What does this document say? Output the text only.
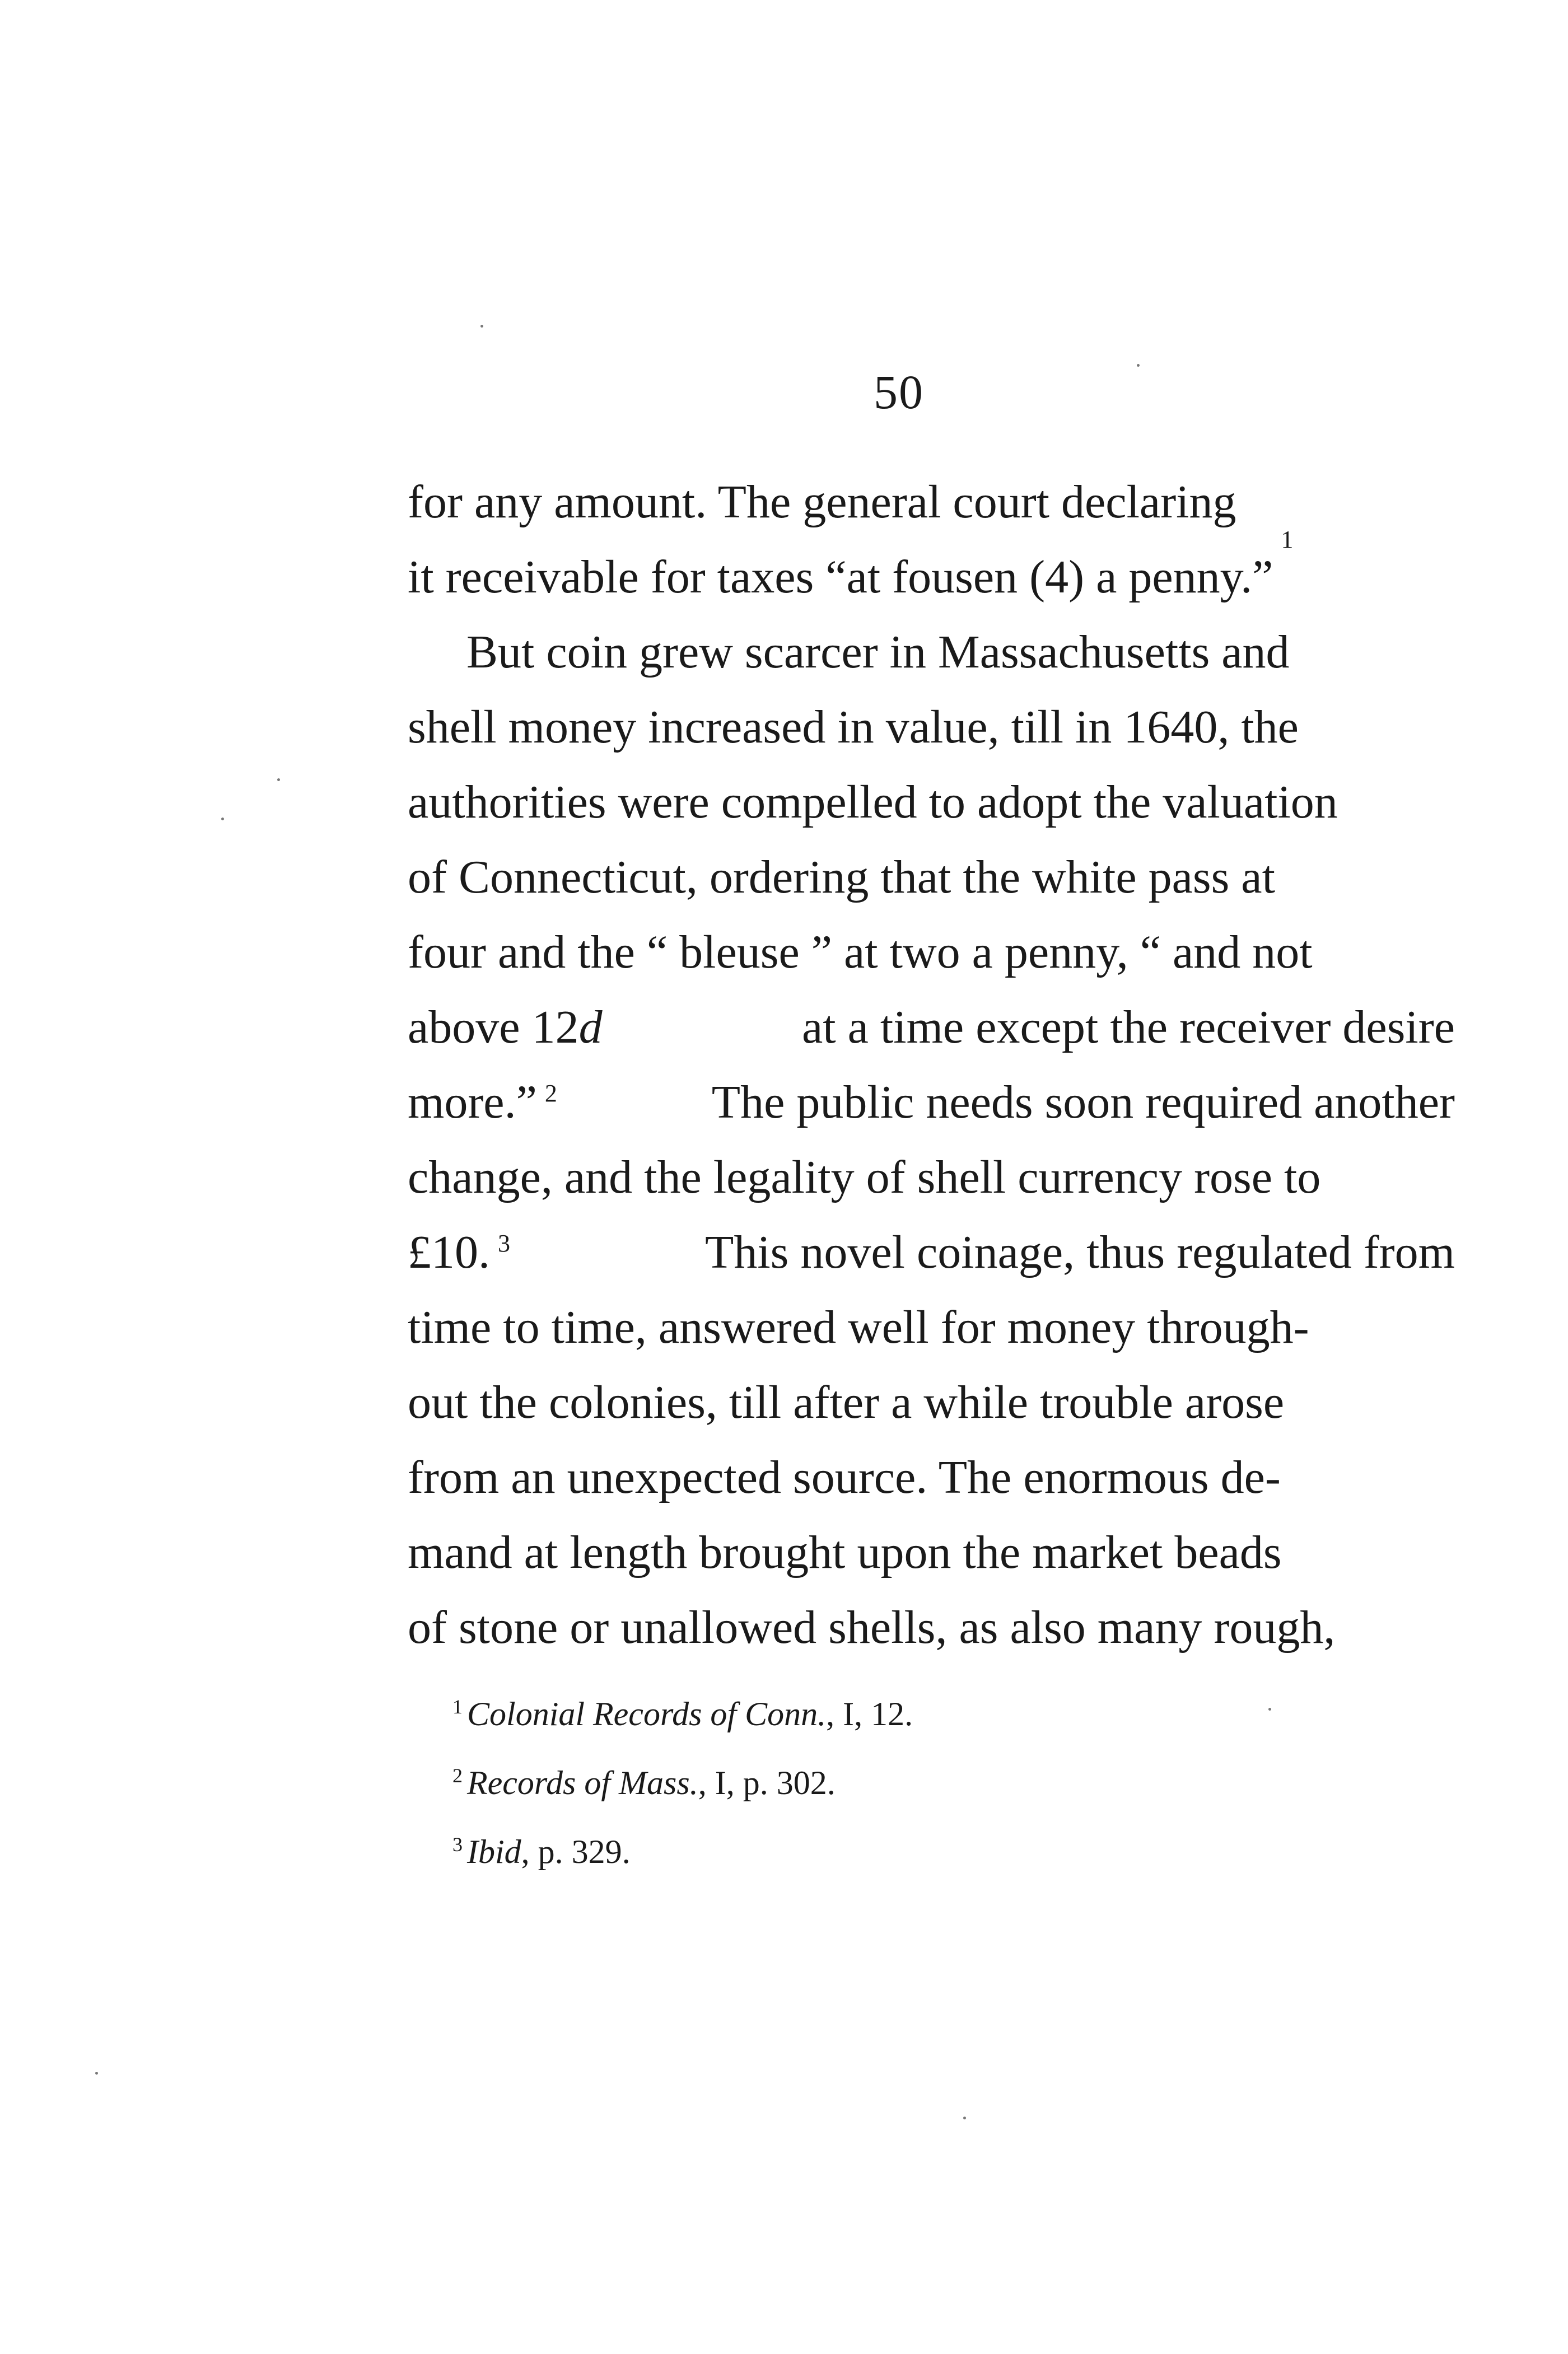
50
for any amount. The general court declaring
it receivable for taxes “at fousen (4) a penny.”
1
But coin grew scarcer in Massachusetts and
shell money increased in value, till in 1640, the
authorities were compelled to adopt the valuation
of Connecticut, ordering that the white pass at
four and the “ bleuse ” at two a penny, “ and not
above 12d	at a time except the receiver desire
more.” $^2$	The public needs soon required another
change, and the legality of shell currency rose to
£10. $^3$	This novel coinage, thus regulated from
time to time, answered well for money through-
out the colonies, till after a while trouble arose
from an unexpected source. The enormous de-
mand at length brought upon the market beads
of stone or unallowed shells, as also many rough,
$^1$ Colonial Records of Conn., I, 12.
$^2$ Records of Mass., I, p. 302.
$^3$ Ibid, p. 329.
